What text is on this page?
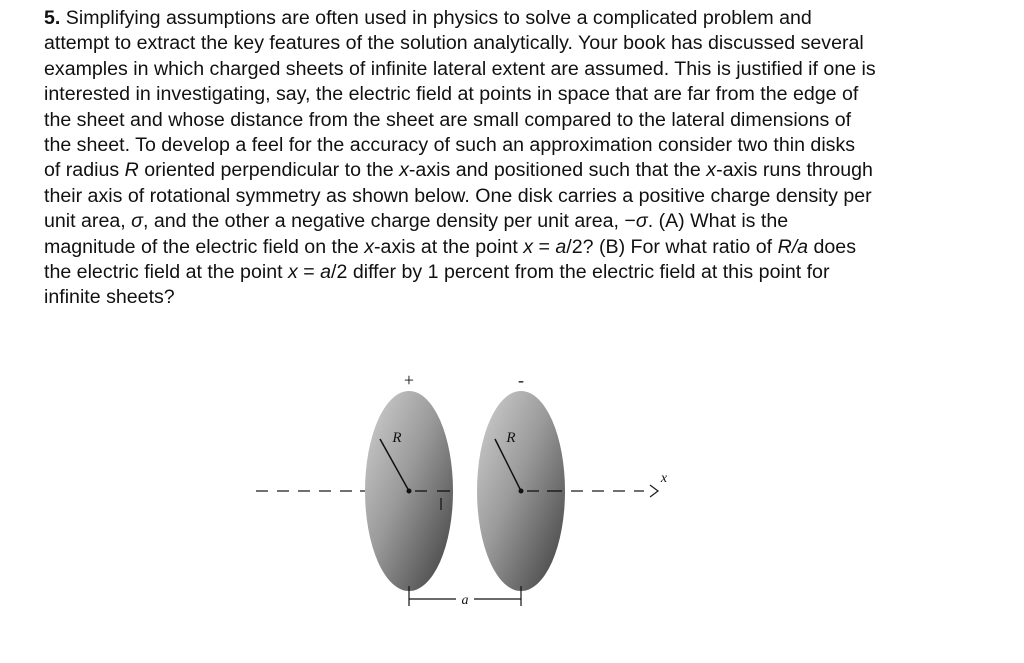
5. Simplifying assumptions are often used in physics to solve a complicated problem and
attempt to extract the key features of the solution analytically. Your book has discussed several
examples in which charged sheets of infinite lateral extent are assumed. This is justified if one is
interested in investigating, say, the electric field at points in space that are far from the edge of
the sheet and whose distance from the sheet are small compared to the lateral dimensions of
the sheet. To develop a feel for the accuracy of such an approximation consider two thin disks
of radius R oriented perpendicular to the x-axis and positioned such that the x-axis runs through
their axis of rotational symmetry as shown below. One disk carries a positive charge density per
unit area, σ, and the other a negative charge density per unit area, −σ. (A) What is the
magnitude of the electric field on the x-axis at the point x = a/2? (B) For what ratio of R/a does
the electric field at the point x = a/2 differ by 1 percent from the electric field at this point for
infinite sheets?
+	-
R	R
x
a
